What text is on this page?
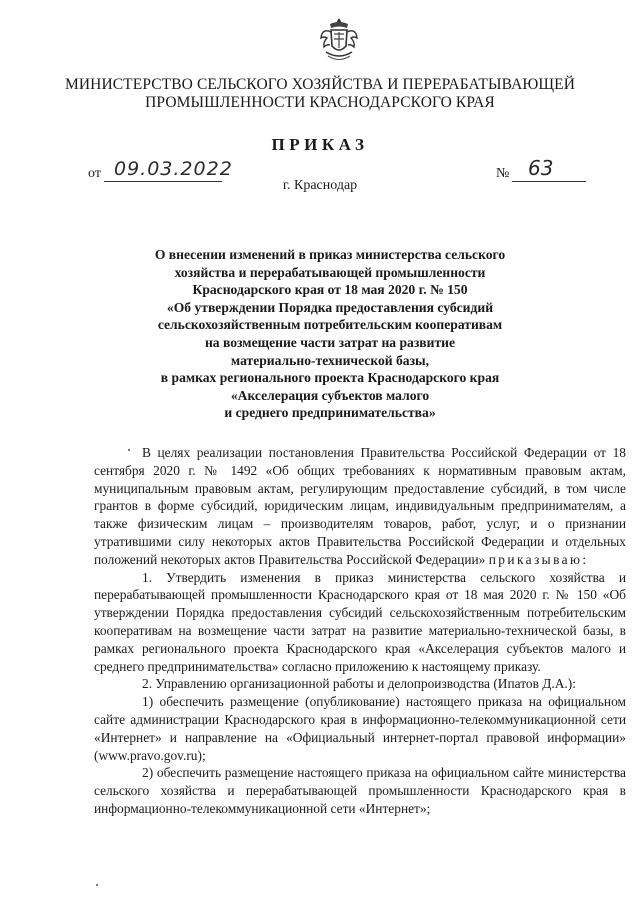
МИНИСТЕРСТВО СЕЛЬСКОГО ХОЗЯЙСТВА И ПЕРЕРАБАТЫВАЮЩЕЙ
ПРОМЫШЛЕННОСТИ КРАСНОДАРСКОГО КРАЯ
ПРИКАЗ
от 09.03.2022	№ 63
г. Краснодар
О внесении изменений в приказ министерства сельского
хозяйства и перерабатывающей промышленности
Краснодарского края от 18 мая 2020 г. № 150
«Об утверждении Порядка предоставления субсидий
сельскохозяйственным потребительским кооперативам
на возмещение части затрат на развитие
материально-технической базы,
в рамках регионального проекта Краснодарского края
«Акселерация субъектов малого
и среднего предпринимательства»

В целях реализации постановления Правительства Российской Федерации от 18 сентября 2020 г. № 1492 «Об общих требованиях к нормативным правовым актам, муниципальным правовым актам, регулирующим предоставление субсидий, в том числе грантов в форме субсидий, юридическим лицам, индивидуальным предпринимателям, а также физическим лицам – производителям товаров, работ, услуг, и о признании утратившими силу некоторых актов Правительства Российской Федерации и отдельных положений некоторых актов Правительства Российской Федерации» приказываю:

1. Утвердить изменения в приказ министерства сельского хозяйства и перерабатывающей промышленности Краснодарского края от 18 мая 2020 г. № 150 «Об утверждении Порядка предоставления субсидий сельскохозяйственным потребительским кооперативам на возмещение части затрат на развитие материально-технической базы, в рамках регионального проекта Краснодарского края «Акселерация субъектов малого и среднего предпринимательства» согласно приложению к настоящему приказу.

2. Управлению организационной работы и делопроизводства (Ипатов Д.А.):

1) обеспечить размещение (опубликование) настоящего приказа на официальном сайте администрации Краснодарского края в информационно-телекоммуникационной сети «Интернет» и направление на «Официальный интернет-портал правовой информации» (www.pravo.gov.ru);

2) обеспечить размещение настоящего приказа на официальном сайте министерства сельского хозяйства и перерабатывающей промышленности Краснодарского края в информационно-телекоммуникационной сети «Интернет»;
